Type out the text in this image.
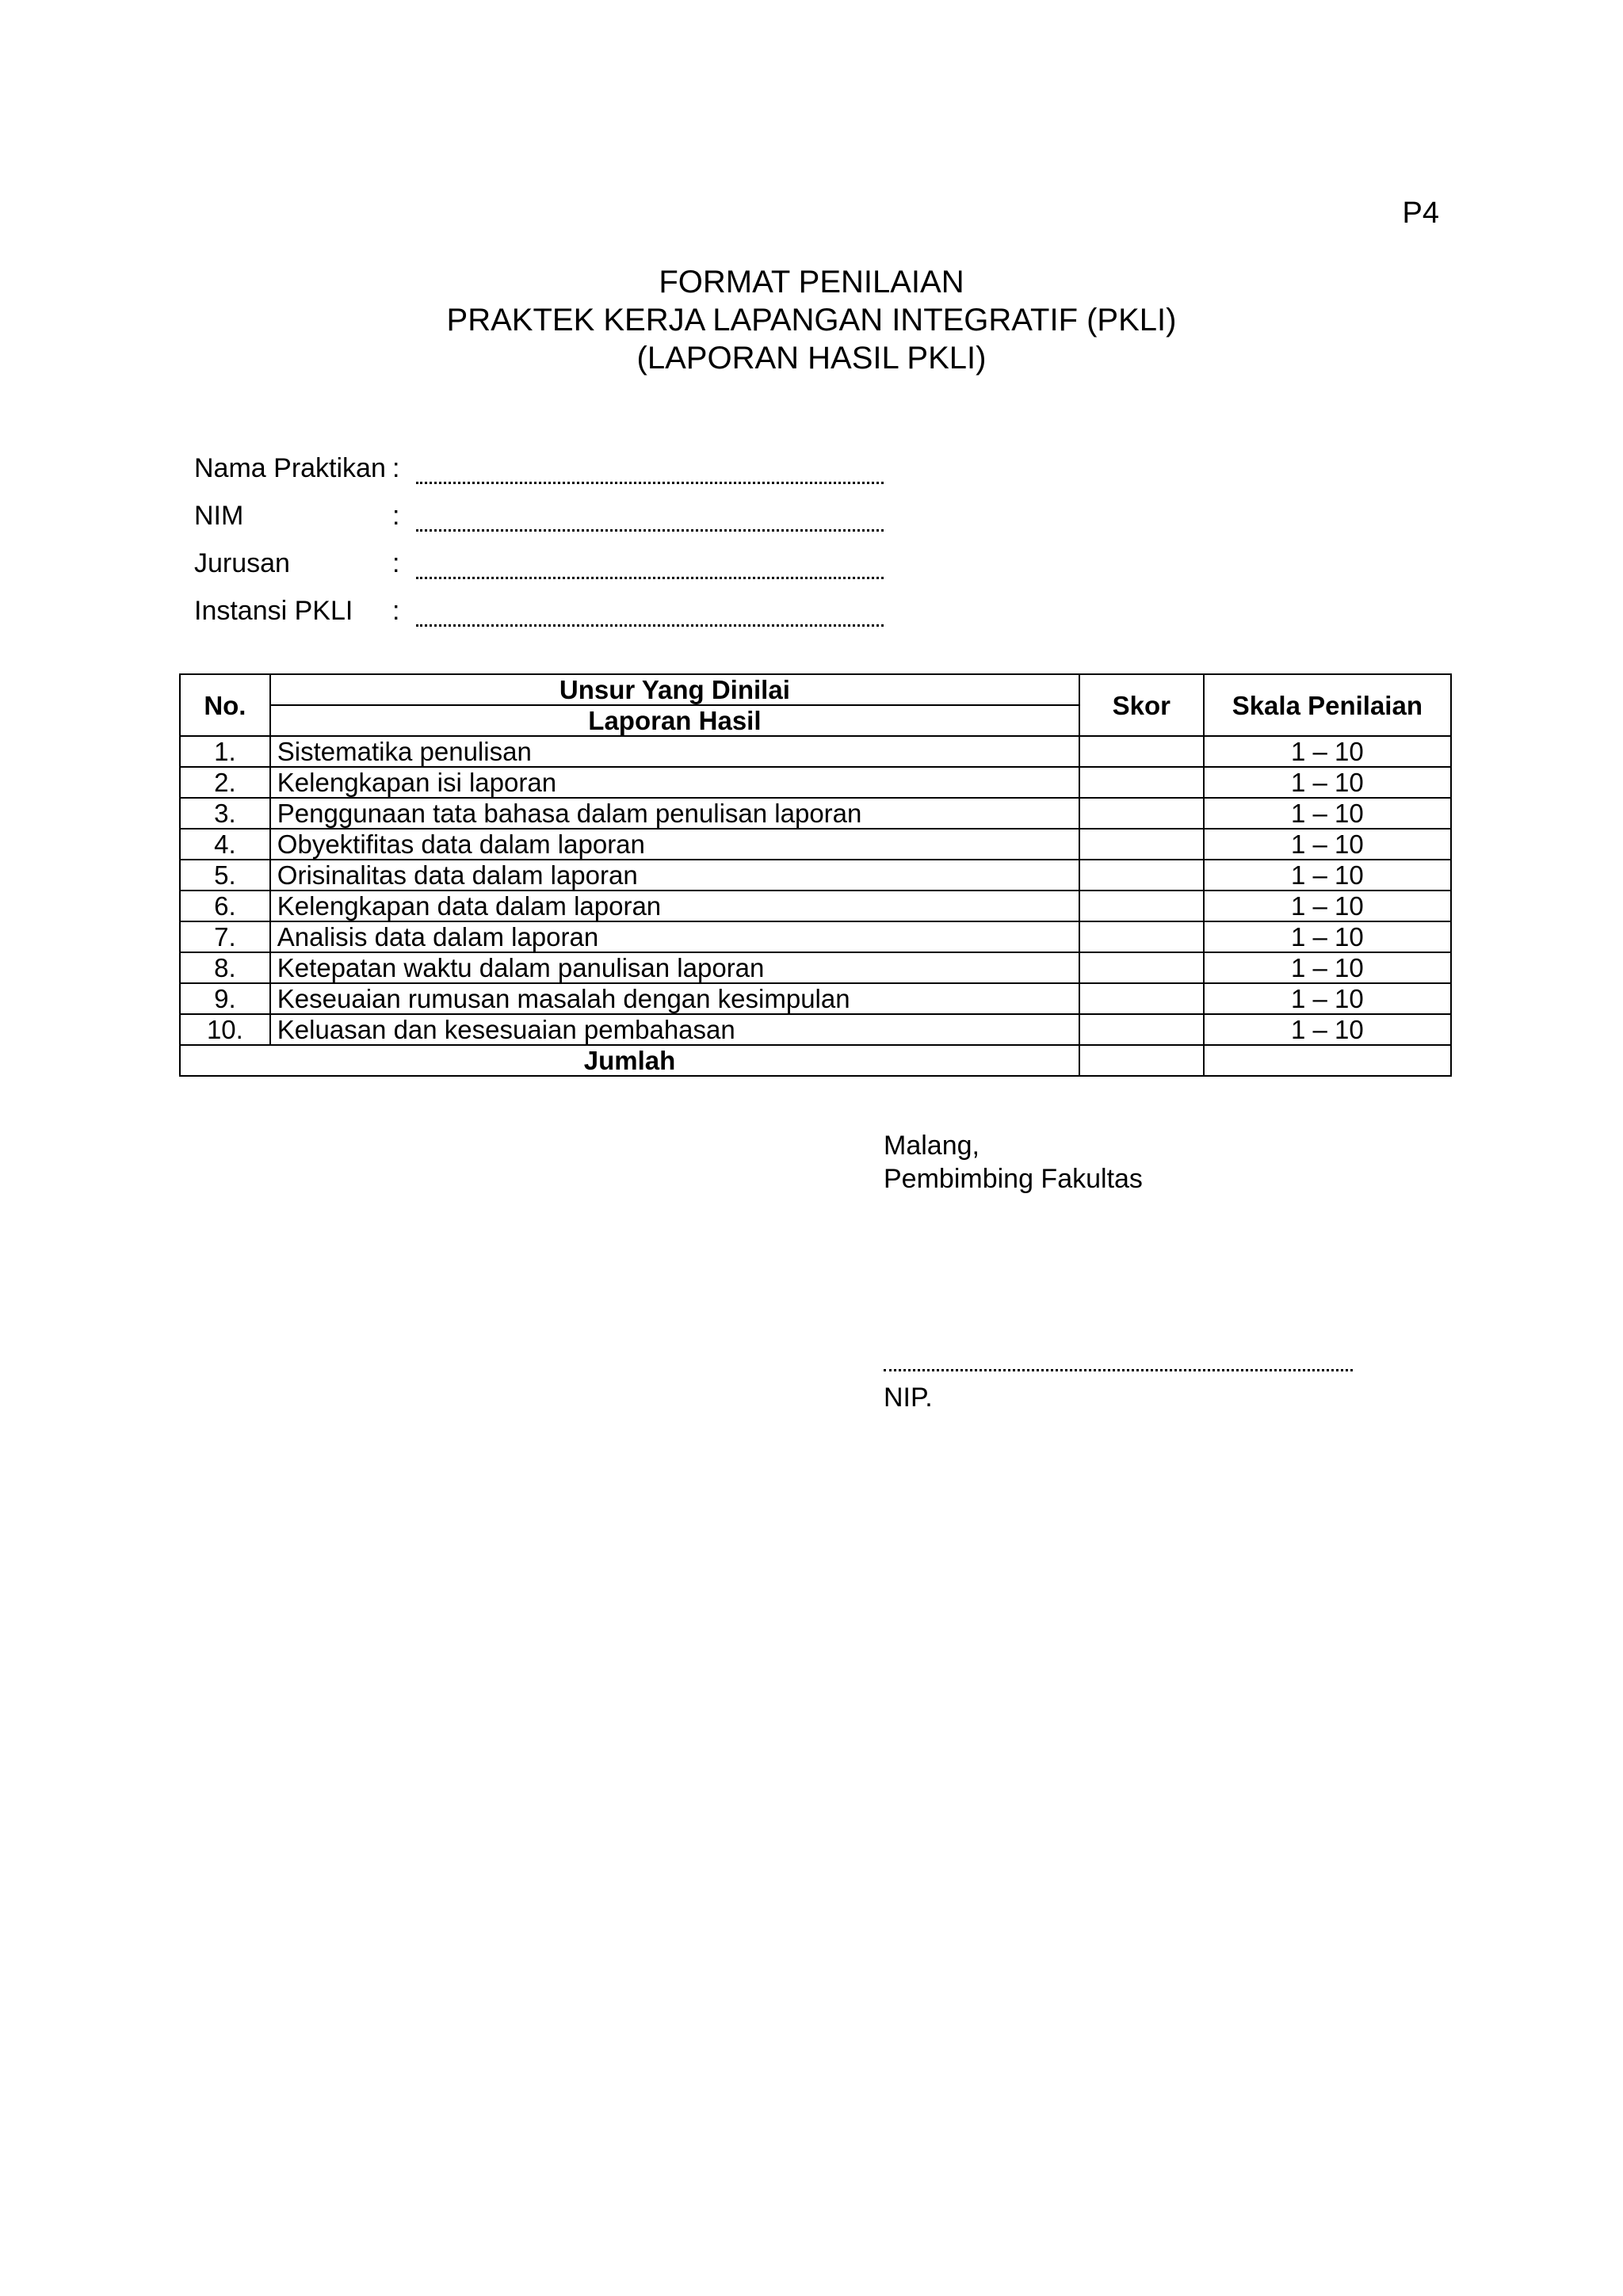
P4
FORMAT PENILAIAN
PRAKTEK KERJA LAPANGAN INTEGRATIF (PKLI)
(LAPORAN HASIL PKLI)
Nama Praktikan :
NIM	:
Jurusan	:
Instansi PKLI :
No.	Unsur Yang Dinilai	Skor	Skala Penilaian
	Laporan Hasil		
1.	Sistematika penulisan		1 – 10
2.	Kelengkapan isi laporan		1 – 10
3.	Penggunaan tata bahasa dalam penulisan laporan		1 – 10
4.	Obyektifitas data dalam laporan		1 – 10
5.	Orisinalitas data dalam laporan		1 – 10
6.	Kelengkapan data dalam laporan		1 – 10
7.	Analisis data dalam laporan		1 – 10
8.	Ketepatan waktu dalam panulisan laporan		1 – 10
9.	Keseuaian rumusan masalah dengan kesimpulan		1 – 10
10.	Keluasan dan kesesuaian pembahasan		1 – 10
Jumlah			
Malang,
Pembimbing Fakultas
NIP.
